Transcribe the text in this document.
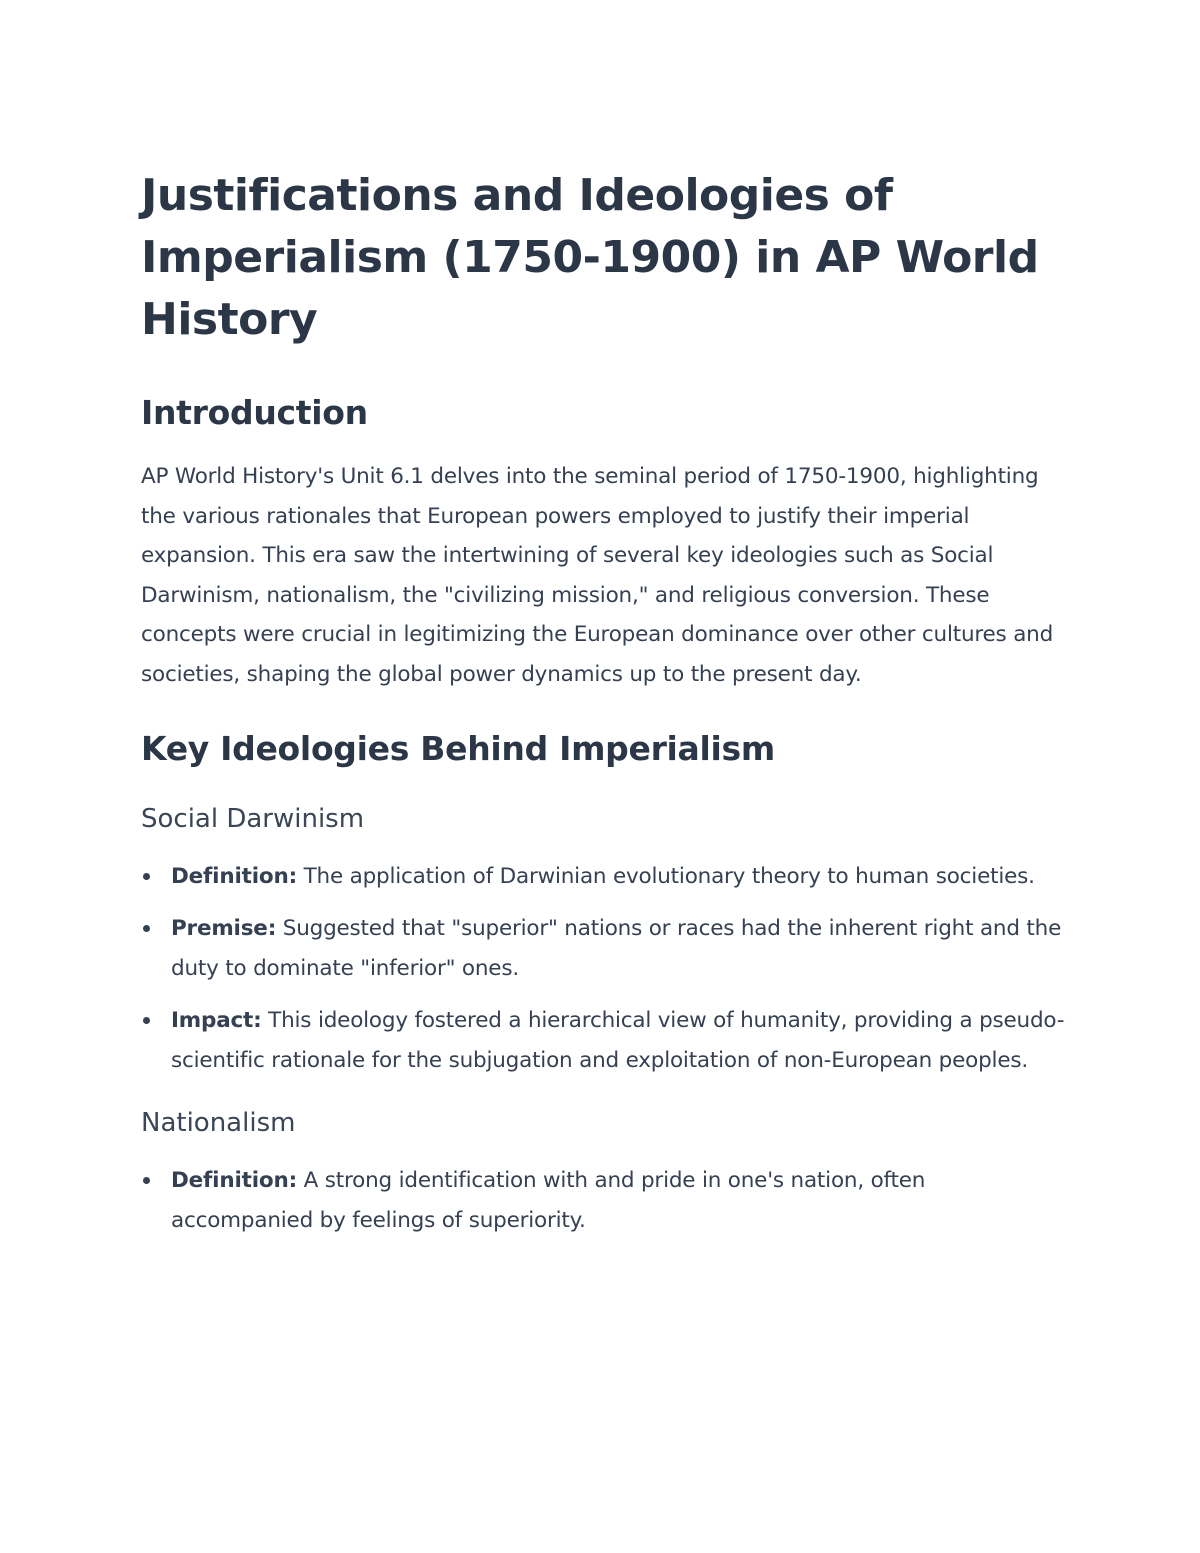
Justifications and Ideologies of Imperialism (1750-1900) in AP World History
Introduction

AP World History's Unit 6.1 delves into the seminal period of 1750-1900, highlighting the various rationales that European powers employed to justify their imperial expansion. This era saw the intertwining of several key ideologies such as Social Darwinism, nationalism, the "civilizing mission," and religious conversion. These concepts were crucial in legitimizing the European dominance over other cultures and societies, shaping the global power dynamics up to the present day.

Key Ideologies Behind Imperialism
Social Darwinism
Definition: The application of Darwinian evolutionary theory to human societies.
Premise: Suggested that "superior" nations or races had the inherent right and the duty to dominate "inferior" ones.
Impact: This ideology fostered a hierarchical view of humanity, providing a pseudo-scientific rationale for the subjugation and exploitation of non-European peoples.
Nationalism
Definition: A strong identification with and pride in one's nation, often accompanied by feelings of superiority.
